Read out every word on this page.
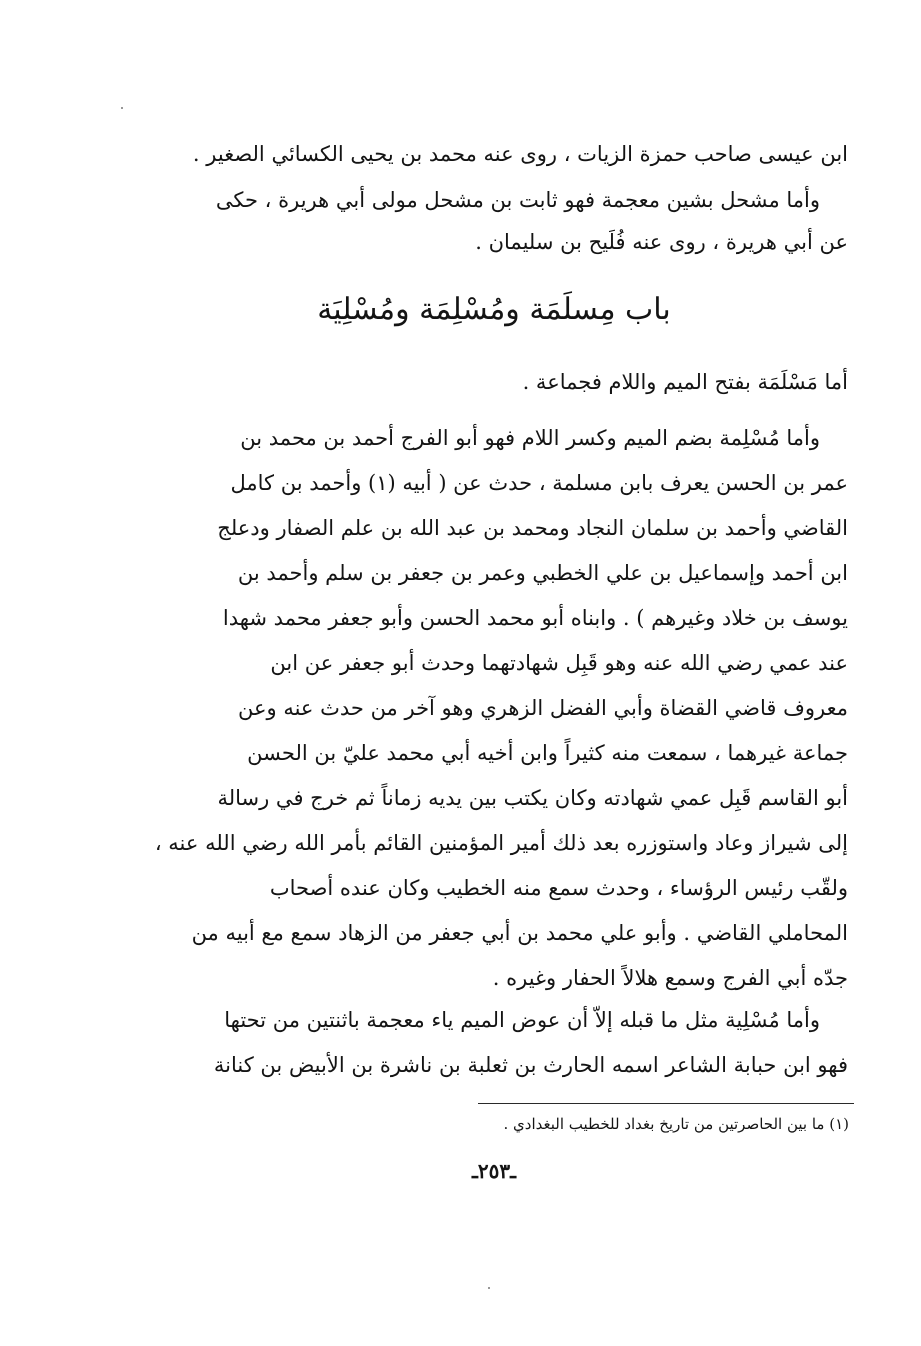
ابن عيسى صاحب حمزة الزيات ، روى عنه محمد بن يحيى الكسائي الصغير .
وأما مشحل بشين معجمة فهو ثابت بن مشحل مولى أبي هريرة ، حكى
عن أبي هريرة ، روى عنه فُلَيح بن سليمان .
باب مِسلَمَة ومُسْلِمَة ومُسْلِيَة
أما مَسْلَمَة بفتح الميم واللام فجماعة .
وأما مُسْلِمة بضم الميم وكسر اللام فهو أبو الفرج أحمد بن محمد بن
عمر بن الحسن يعرف بابن مسلمة ، حدث عن ( أبيه (١) وأحمد بن كامل
القاضي وأحمد بن سلمان النجاد ومحمد بن عبد الله بن علم الصفار ودعلج
ابن أحمد وإسماعيل بن علي الخطبي وعمر بن جعفر بن سلم وأحمد بن
يوسف بن خلاد وغيرهم ) . وابناه أبو محمد الحسن وأبو جعفر محمد شهدا
عند عمي رضي الله عنه وهو قَبِل شهادتهما وحدث أبو جعفر عن ابن
معروف قاضي القضاة وأبي الفضل الزهري وهو آخر من حدث عنه وعن
جماعة غيرهما ، سمعت منه كثيراً وابن أخيه أبي محمد عليّ بن الحسن
أبو القاسم قَبِل عمي شهادته وكان يكتب بين يديه زماناً ثم خرج في رسالة
إلى شيراز وعاد واستوزره بعد ذلك أمير المؤمنين القائم بأمر الله رضي الله عنه ،
ولقّب رئيس الرؤساء ، وحدث سمع منه الخطيب وكان عنده أصحاب
المحاملي القاضي . وأبو علي محمد بن أبي جعفر من الزهاد سمع مع أبيه من
جدّه أبي الفرج وسمع هلالاً الحفار وغيره .
وأما مُسْلِية مثل ما قبله إلاّ أن عوض الميم ياء معجمة باثنتين من تحتها
فهو ابن حبابة الشاعر اسمه الحارث بن ثعلبة بن ناشرة بن الأبيض بن كنانة
(١) ما بين الحاصرتين من تاريخ بغداد للخطيب البغدادي .
ـ٢٥٣ـ
